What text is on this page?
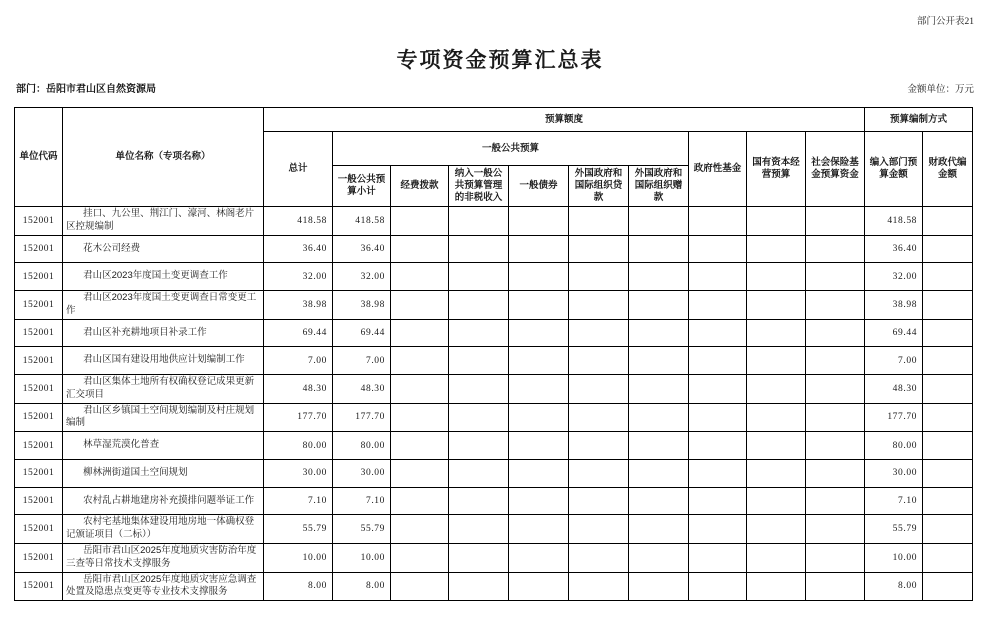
部门公开表21
专项资金预算汇总表
部门：岳阳市君山区自然资源局	金额单位：万元
单位代码	单位名称（专项名称）	预算额度										预算编制方式	
		总计	一般公共预算						政府性基金	国有资本经营预算	社会保险基金预算资金	编入部门预算金额	财政代编金额
			一般公共预算小计	经费拨款	纳入一般公共预算管理的非税收入	一般债券	外国政府和国际组织贷款	外国政府和国际组织赠款					
152001	挂口、九公里、荆江门、濠河、林阁老片区控规编制	418.58	418.58									418.58	
152001	花木公司经费	36.40	36.40									36.40	
152001	君山区2023年度国土变更调查工作	32.00	32.00									32.00	
152001	君山区2023年度国土变更调查日常变更工作	38.98	38.98									38.98	
152001	君山区补充耕地项目补录工作	69.44	69.44									69.44	
152001	君山区国有建设用地供应计划编制工作	7.00	7.00									7.00	
152001	君山区集体土地所有权确权登记成果更新汇交项目	48.30	48.30									48.30	
152001	君山区乡镇国土空间规划编制及村庄规划编制	177.70	177.70									177.70	
152001	林草湿荒漠化普查	80.00	80.00									80.00	
152001	柳林洲街道国土空间规划	30.00	30.00									30.00	
152001	农村乱占耕地建房补充摸排问题举证工作	7.10	7.10									7.10	
152001	农村宅基地集体建设用地房地一体确权登记颁证项目（二标））	55.79	55.79									55.79	
152001	岳阳市君山区2025年度地质灾害防治年度三查等日常技术支撑服务	10.00	10.00									10.00	
152001	岳阳市君山区2025年度地质灾害应急调查处置及隐患点变更等专业技术支撑服务	8.00	8.00									8.00	
